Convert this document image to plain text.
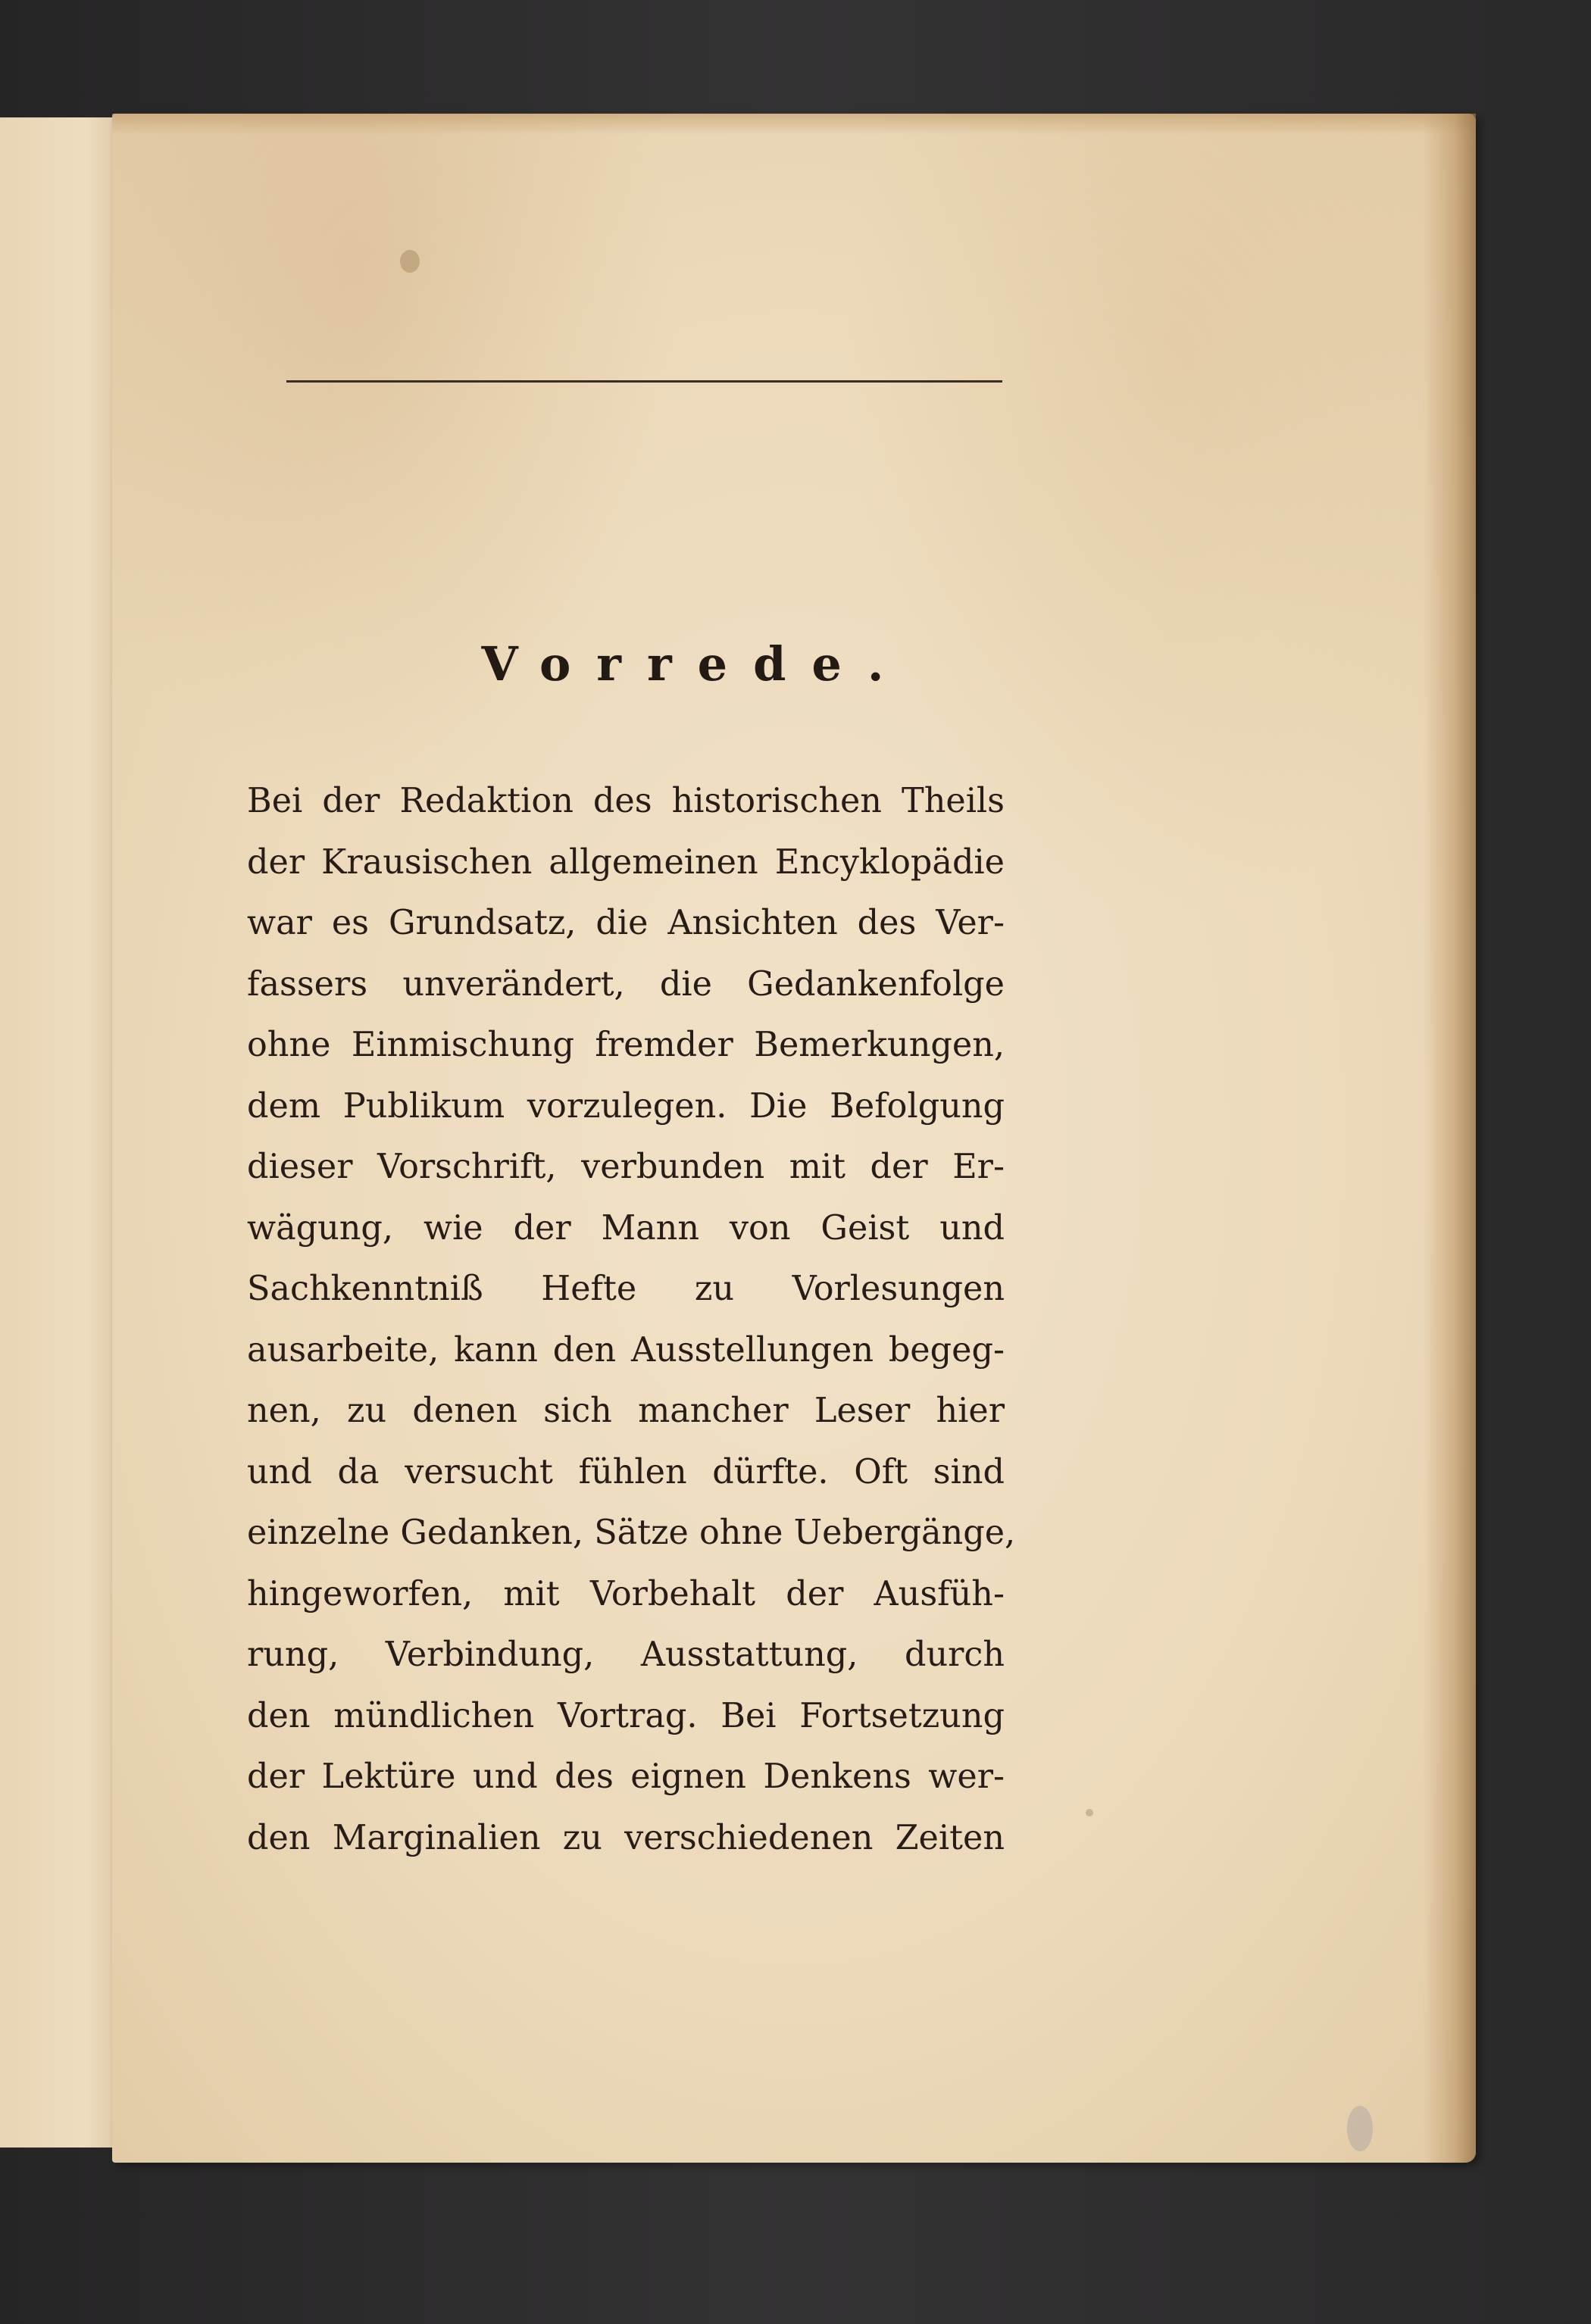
Vorrede.
Bei der Redaktion des historischen Theils
der Krausischen allgemeinen Encyklopädie
war es Grundsatz, die Ansichten des Ver-
fassers unverändert, die Gedankenfolge
ohne Einmischung fremder Bemerkungen,
dem Publikum vorzulegen. Die Befolgung
dieser Vorschrift, verbunden mit der Er-
wägung, wie der Mann von Geist und
Sachkenntniß Hefte zu Vorlesungen
ausarbeite, kann den Ausstellungen begeg-
nen, zu denen sich mancher Leser hier
und da versucht fühlen dürfte. Oft sind
einzelne Gedanken, Sätze ohne Uebergänge,
hingeworfen, mit Vorbehalt der Ausfüh-
rung, Verbindung, Ausstattung, durch
den mündlichen Vortrag. Bei Fortsetzung
der Lektüre und des eignen Denkens wer-
den Marginalien zu verschiedenen Zeiten
